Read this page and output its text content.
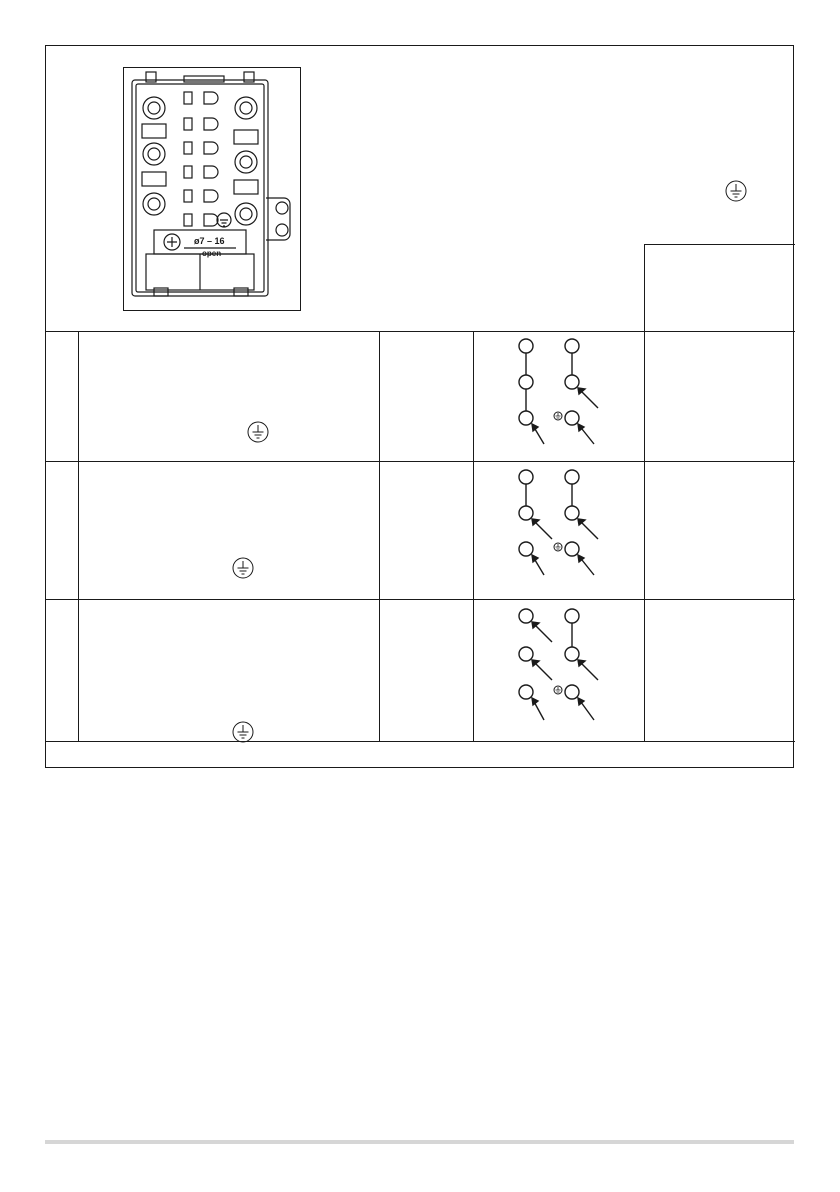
ø7 – 16
open
